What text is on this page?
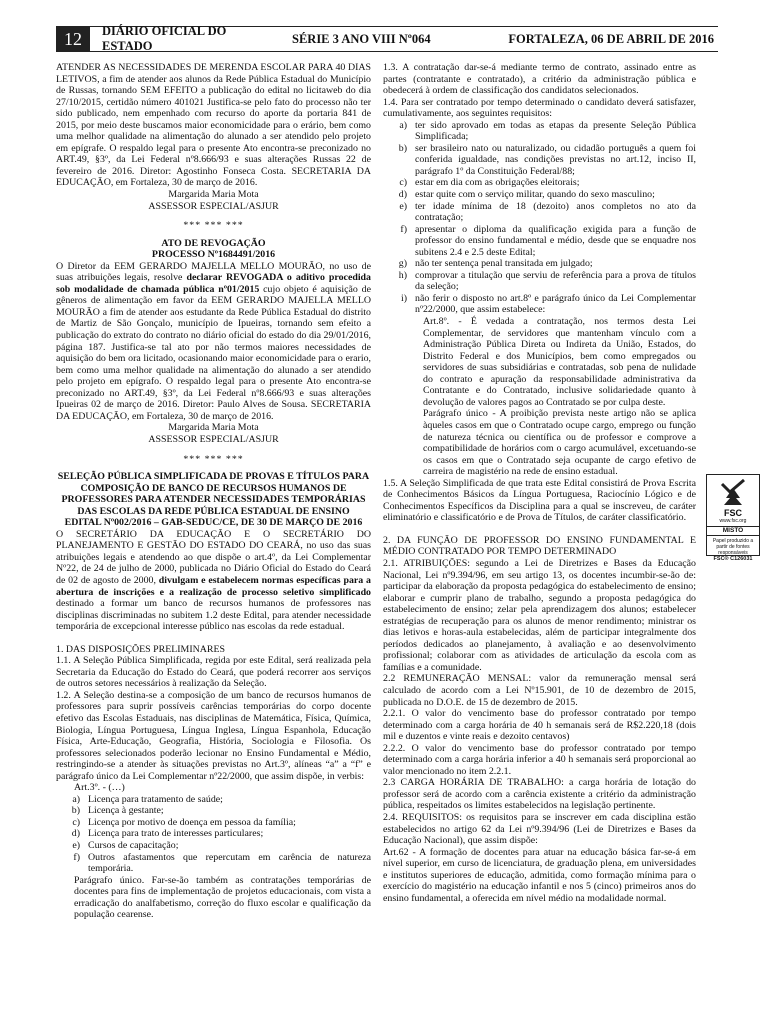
12	DIÁRIO OFICIAL DO ESTADO
SÉRIE 3 ANO VIII Nº064	FORTALEZA, 06 DE ABRIL DE 2016

ATENDER AS NECESSIDADES DE MERENDA ESCOLAR PARA 40 DIAS LETIVOS, a fim de atender aos alunos da Rede Pública Estadual do Município de Russas, tornando SEM EFEITO a publicação do edital no licitaweb do dia 27/10/2015, certidão número 401021 Justifica-se pelo fato do processo não ter sido publicado, nem empenhado com recurso do aporte da portaria 841 de 2015, por meio deste buscamos maior economicidade para o erário, bem como uma melhor qualidade na alimentação do alunado a ser atendido pelo projeto em epígrafe. O respaldo legal para o presente Ato encontra-se preconizado no ART.49, §3º, da Lei Federal nº8.666/93 e suas alterações Russas 22 de fevereiro de 2016. Diretor: Agostinho Fonseca Costa. SECRETARIA DA EDUCAÇÃO, em Fortaleza, 30 de março de 2016.

Margarida Maria Mota

ASSESSOR ESPECIAL/ASJUR

*** *** ***

ATO DE REVOGAÇÃO

PROCESSO Nº1684491/2016

O Diretor da EEM GERARDO MAJELLA MELLO MOURÃO, no uso de suas atribuições legais, resolve declarar REVOGADA o aditivo procedida sob modalidade de chamada pública nº01/2015 cujo objeto é aquisição de gêneros de alimentação em favor da EEM GERARDO MAJELLA MELLO MOURÃO a fim de atender aos estudante da Rede Pública Estadual do distrito de Martiz de São Gonçalo, município de Ipueiras, tornando sem efeito a publicação do extrato do contrato no diário oficial do estado do dia 29/01/2016, página 187. Justifica-se tal ato por não termos maiores necessidades de aquisição do bem ora licitado, ocasionando maior economicidade para o erario, bem como uma melhor qualidade na alimentação do alunado a ser atendido pelo projeto em epígrafo. O respaldo legal para o presente Ato encontra-se preconizado no ART.49, §3º, da Lei Federal nº8.666/93 e suas alterações Ipueiras 02 de março de 2016. Diretor: Paulo Alves de Sousa. SECRETARIA DA EDUCAÇÃO, em Fortaleza, 30 de março de 2016.

Margarida Maria Mota

ASSESSOR ESPECIAL/ASJUR

*** *** ***

SELEÇÃO PÚBLICA SIMPLIFICADA DE PROVAS E TÍTULOS PARA COMPOSIÇÃO DE BANCO DE RECURSOS HUMANOS DE PROFESSORES PARA ATENDER NECESSIDADES TEMPORÁRIAS DAS ESCOLAS DA REDE PÚBLICA ESTADUAL DE ENSINO

EDITAL Nº002/2016 – GAB-SEDUC/CE, DE 30 DE MARÇO DE 2016

O SECRETÁRIO DA EDUCAÇÃO E O SECRETÁRIO DO PLANEJAMENTO E GESTÃO DO ESTADO DO CEARÁ, no uso das suas atribuições legais e atendendo ao que dispõe o art.4º, da Lei Complementar Nº22, de 24 de julho de 2000, publicada no Diário Oficial do Estado do Ceará de 02 de agosto de 2000, divulgam e estabelecem normas específicas para a abertura de inscrições e a realização de processo seletivo simplificado destinado a formar um banco de recursos humanos de professores nas disciplinas discriminadas no subitem 1.2 deste Edital, para atender necessidade temporária de excepcional interesse público nas escolas da rede estadual.

1. DAS DISPOSIÇÕES PRELIMINARES

1.1. A Seleção Pública Simplificada, regida por este Edital, será realizada pela Secretaria da Educação do Estado do Ceará, que poderá recorrer aos serviços de outros setores necessários à realização da Seleção.

1.2. A Seleção destina-se a composição de um banco de recursos humanos de professores para suprir possíveis carências temporárias do corpo docente efetivo das Escolas Estaduais, nas disciplinas de Matemática, Física, Química, Biologia, Língua Portuguesa, Língua Inglesa, Língua Espanhola, Educação Física, Arte-Educação, Geografia, História, Sociologia e Filosofia. Os professores selecionados poderão lecionar no Ensino Fundamental e Médio, restringindo-se a atender às situações previstas no Art.3º, alíneas “a” a “f” e parágrafo único da Lei Complementar nº22/2000, que assim dispõe, in verbis:

Art.3º. - (…)

a) Licença para tratamento de saúde;
b) Licença à gestante;
c) Licença por motivo de doença em pessoa da família;
d) Licença para trato de interesses particulares;
e) Cursos de capacitação;
f) Outros afastamentos que repercutam em carência de natureza temporária.

Parágrafo único. Far-se-ão também as contratações temporárias de docentes para fins de implementação de projetos educacionais, com vista a erradicação do analfabetismo, correção do fluxo escolar e qualificação da população cearense.

1.3. A contratação dar-se-á mediante termo de contrato, assinado entre as partes (contratante e contratado), a critério da administração pública e obedecerá à ordem de classificação dos candidatos selecionados.

1.4. Para ser contratado por tempo determinado o candidato deverá satisfazer, cumulativamente, aos seguintes requisitos:

a) ter sido aprovado em todas as etapas da presente Seleção Pública Simplificada;
b) ser brasileiro nato ou naturalizado, ou cidadão português a quem foi conferida igualdade, nas condições previstas no art.12, inciso II, parágrafo 1º da Constituição Federal/88;
c) estar em dia com as obrigações eleitorais;
d) estar quite com o serviço militar, quando do sexo masculino;
e) ter idade mínima de 18 (dezoito) anos completos no ato da contratação;
f) apresentar o diploma da qualificação exigida para a função de professor do ensino fundamental e médio, desde que se enquadre nos subitens 2.4 e 2.5 deste Edital;
g) não ter sentença penal transitada em julgado;
h) comprovar a titulação que serviu de referência para a prova de títulos da seleção;
i) não ferir o disposto no art.8º e parágrafo único da Lei Complementar nº22/2000, que assim estabelece:

Art.8º. - É vedada a contratação, nos termos desta Lei Complementar, de servidores que mantenham vínculo com a Administração Pública Direta ou Indireta da União, Estados, do Distrito Federal e dos Municípios, bem como empregados ou servidores de suas subsidiárias e contratadas, sob pena de nulidade do contrato e apuração da responsabilidade administrativa da Contratante e do Contratado, inclusive solidariedade quanto à devolução de valores pagos ao Contratado se por culpa deste.

Parágrafo único - A proibição prevista neste artigo não se aplica àqueles casos em que o Contratado ocupe cargo, emprego ou função de natureza técnica ou científica ou de professor e comprove a compatibilidade de horários com o cargo acumulável, excetuando-se os casos em que o Contratado seja ocupante de cargo efetivo de carreira de magistério na rede de ensino estadual.

1.5. A Seleção Simplificada de que trata este Edital consistirá de Prova Escrita de Conhecimentos Básicos da Língua Portuguesa, Raciocínio Lógico e de Conhecimentos Específicos da Disciplina para a qual se inscreveu, de caráter eliminatório e classificatório e de Prova de Títulos, de caráter classificatório.

2. DA FUNÇÃO DE PROFESSOR DO ENSINO FUNDAMENTAL E MÉDIO CONTRATADO POR TEMPO DETERMINADO

2.1. ATRIBUIÇÕES: segundo a Lei de Diretrizes e Bases da Educação Nacional, Lei nº9.394/96, em seu artigo 13, os docentes incumbir-se-ão de: participar da elaboração da proposta pedagógica do estabelecimento de ensino; elaborar e cumprir plano de trabalho, segundo a proposta pedagógica do estabelecimento de ensino; zelar pela aprendizagem dos alunos; estabelecer estratégias de recuperação para os alunos de menor rendimento; ministrar os dias letivos e horas-aula estabelecidas, além de participar integralmente dos períodos dedicados ao planejamento, à avaliação e ao desenvolvimento profissional; colaborar com as atividades de articulação da escola com as famílias e a comunidade.

2.2 REMUNERAÇÃO MENSAL: valor da remuneração mensal será calculado de acordo com a Lei Nº15.901, de 10 de dezembro de 2015, publicada no D.O.E. de 15 de dezembro de 2015.

2.2.1. O valor do vencimento base do professor contratado por tempo determinado com a carga horária de 40 h semanais será de R$2.220,18 (dois mil e duzentos e vinte reais e dezoito centavos)

2.2.2. O valor do vencimento base do professor contratado por tempo determinado com a carga horária inferior a 40 h semanais será proporcional ao valor mencionado no item 2.2.1.

2.3 CARGA HORÁRIA DE TRABALHO: a carga horária de lotação do professor será de acordo com a carência existente a critério da administração pública, respeitados os limites estabelecidos na legislação pertinente.

2.4. REQUISITOS: os requisitos para se inscrever em cada disciplina estão estabelecidos no artigo 62 da Lei nº9.394/96 (Lei de Diretrizes e Bases da Educação Nacional), que assim dispõe:

Art.62 - A formação de docentes para atuar na educação básica far-se-á em nível superior, em curso de licenciatura, de graduação plena, em universidades e institutos superiores de educação, admitida, como formação mínima para o exercício do magistério na educação infantil e nos 5 (cinco) primeiros anos do ensino fundamental, a oferecida em nível médio na modalidade normal.

FSC
www.fsc.org
MISTO
Papel produzido a partir de fontes responsáveis
FSC® C126031
